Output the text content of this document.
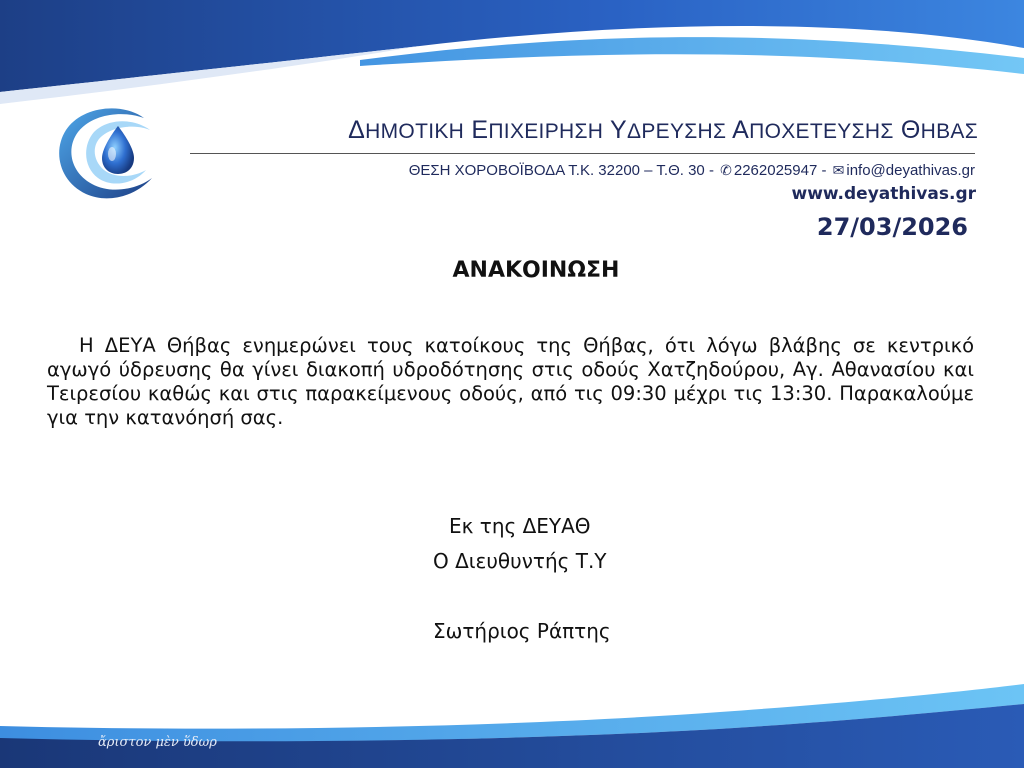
ΔΗΜΟΤΙΚΗ ΕΠΙΧΕΙΡΗΣΗ ΥΔΡΕΥΣΗΣ ΑΠΟΧΕΤΕΥΣΗΣ ΘΗΒΑΣ
ΘΕΣΗ ΧΟΡΟΒΟΪΒΟΔΑ Τ.Κ. 32200 – Τ.Θ. 30 - ✆ 2262025947 - ✉ info@deyathivas.gr
www.deyathivas.gr
27/03/2026
ΑΝΑΚΟΙΝΩΣΗ

Η ΔΕΥΑ Θήβας ενημερώνει τους κατοίκους της Θήβας, ότι λόγω βλάβης σε κεντρικό αγωγό ύδρευσης θα γίνει διακοπή υδροδότησης στις οδούς Χατζηδούρου, Αγ. Αθανασίου και Τειρεσίου καθώς και στις παρακείμενους οδούς, από τις 09:30 μέχρι τις 13:30. Παρακαλούμε για την κατανόησή σας.

Εκ της ΔΕΥΑΘ
Ο Διευθυντής Τ.Υ
Σωτήριος Ράπτης
ἄριστον μὲν ὕδωρ
